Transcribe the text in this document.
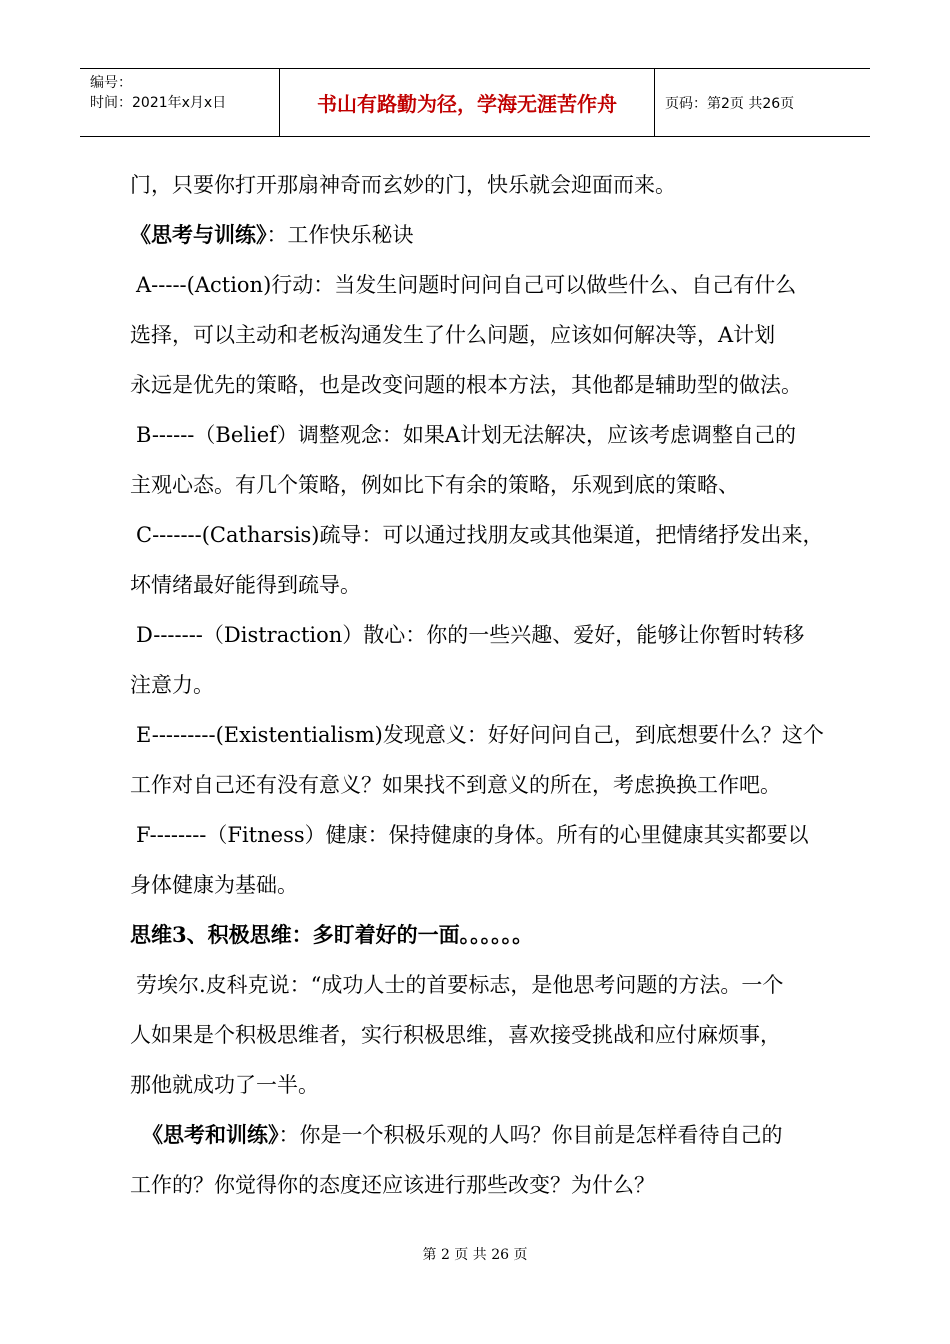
编号：
时间：2021年x月x日	书山有路勤为径，学海无涯苦作舟	页码：第2页 共26页
门，只要你打开那扇神奇而玄妙的门，快乐就会迎面而来。
《思考与训练》：工作快乐秘诀
A-----(Action)行动：当发生问题时问问自己可以做些什么、自己有什么
选择，可以主动和老板沟通发生了什么问题，应该如何解决等，A计划
永远是优先的策略，也是改变问题的根本方法，其他都是辅助型的做法。
B------（Belief）调整观念：如果A计划无法解决，应该考虑调整自己的
主观心态。有几个策略，例如比下有余的策略，乐观到底的策略、
C-------(Catharsis)疏导：可以通过找朋友或其他渠道，把情绪抒发出来，
坏情绪最好能得到疏导。
D-------（Distraction）散心：你的一些兴趣、爱好，能够让你暂时转移
注意力。
E---------(Existentialism)发现意义：好好问问自己，到底想要什么？这个
工作对自己还有没有意义？如果找不到意义的所在，考虑换换工作吧。
F--------（Fitness）健康：保持健康的身体。所有的心里健康其实都要以
身体健康为基础。
思维3、积极思维：多盯着好的一面。。。。。。
劳埃尔.皮科克说：“成功人士的首要标志，是他思考问题的方法。一个
人如果是个积极思维者，实行积极思维，喜欢接受挑战和应付麻烦事，
那他就成功了一半。
《思考和训练》：你是一个积极乐观的人吗？你目前是怎样看待自己的
工作的？你觉得你的态度还应该进行那些改变？为什么？
第 2 页 共 26 页
